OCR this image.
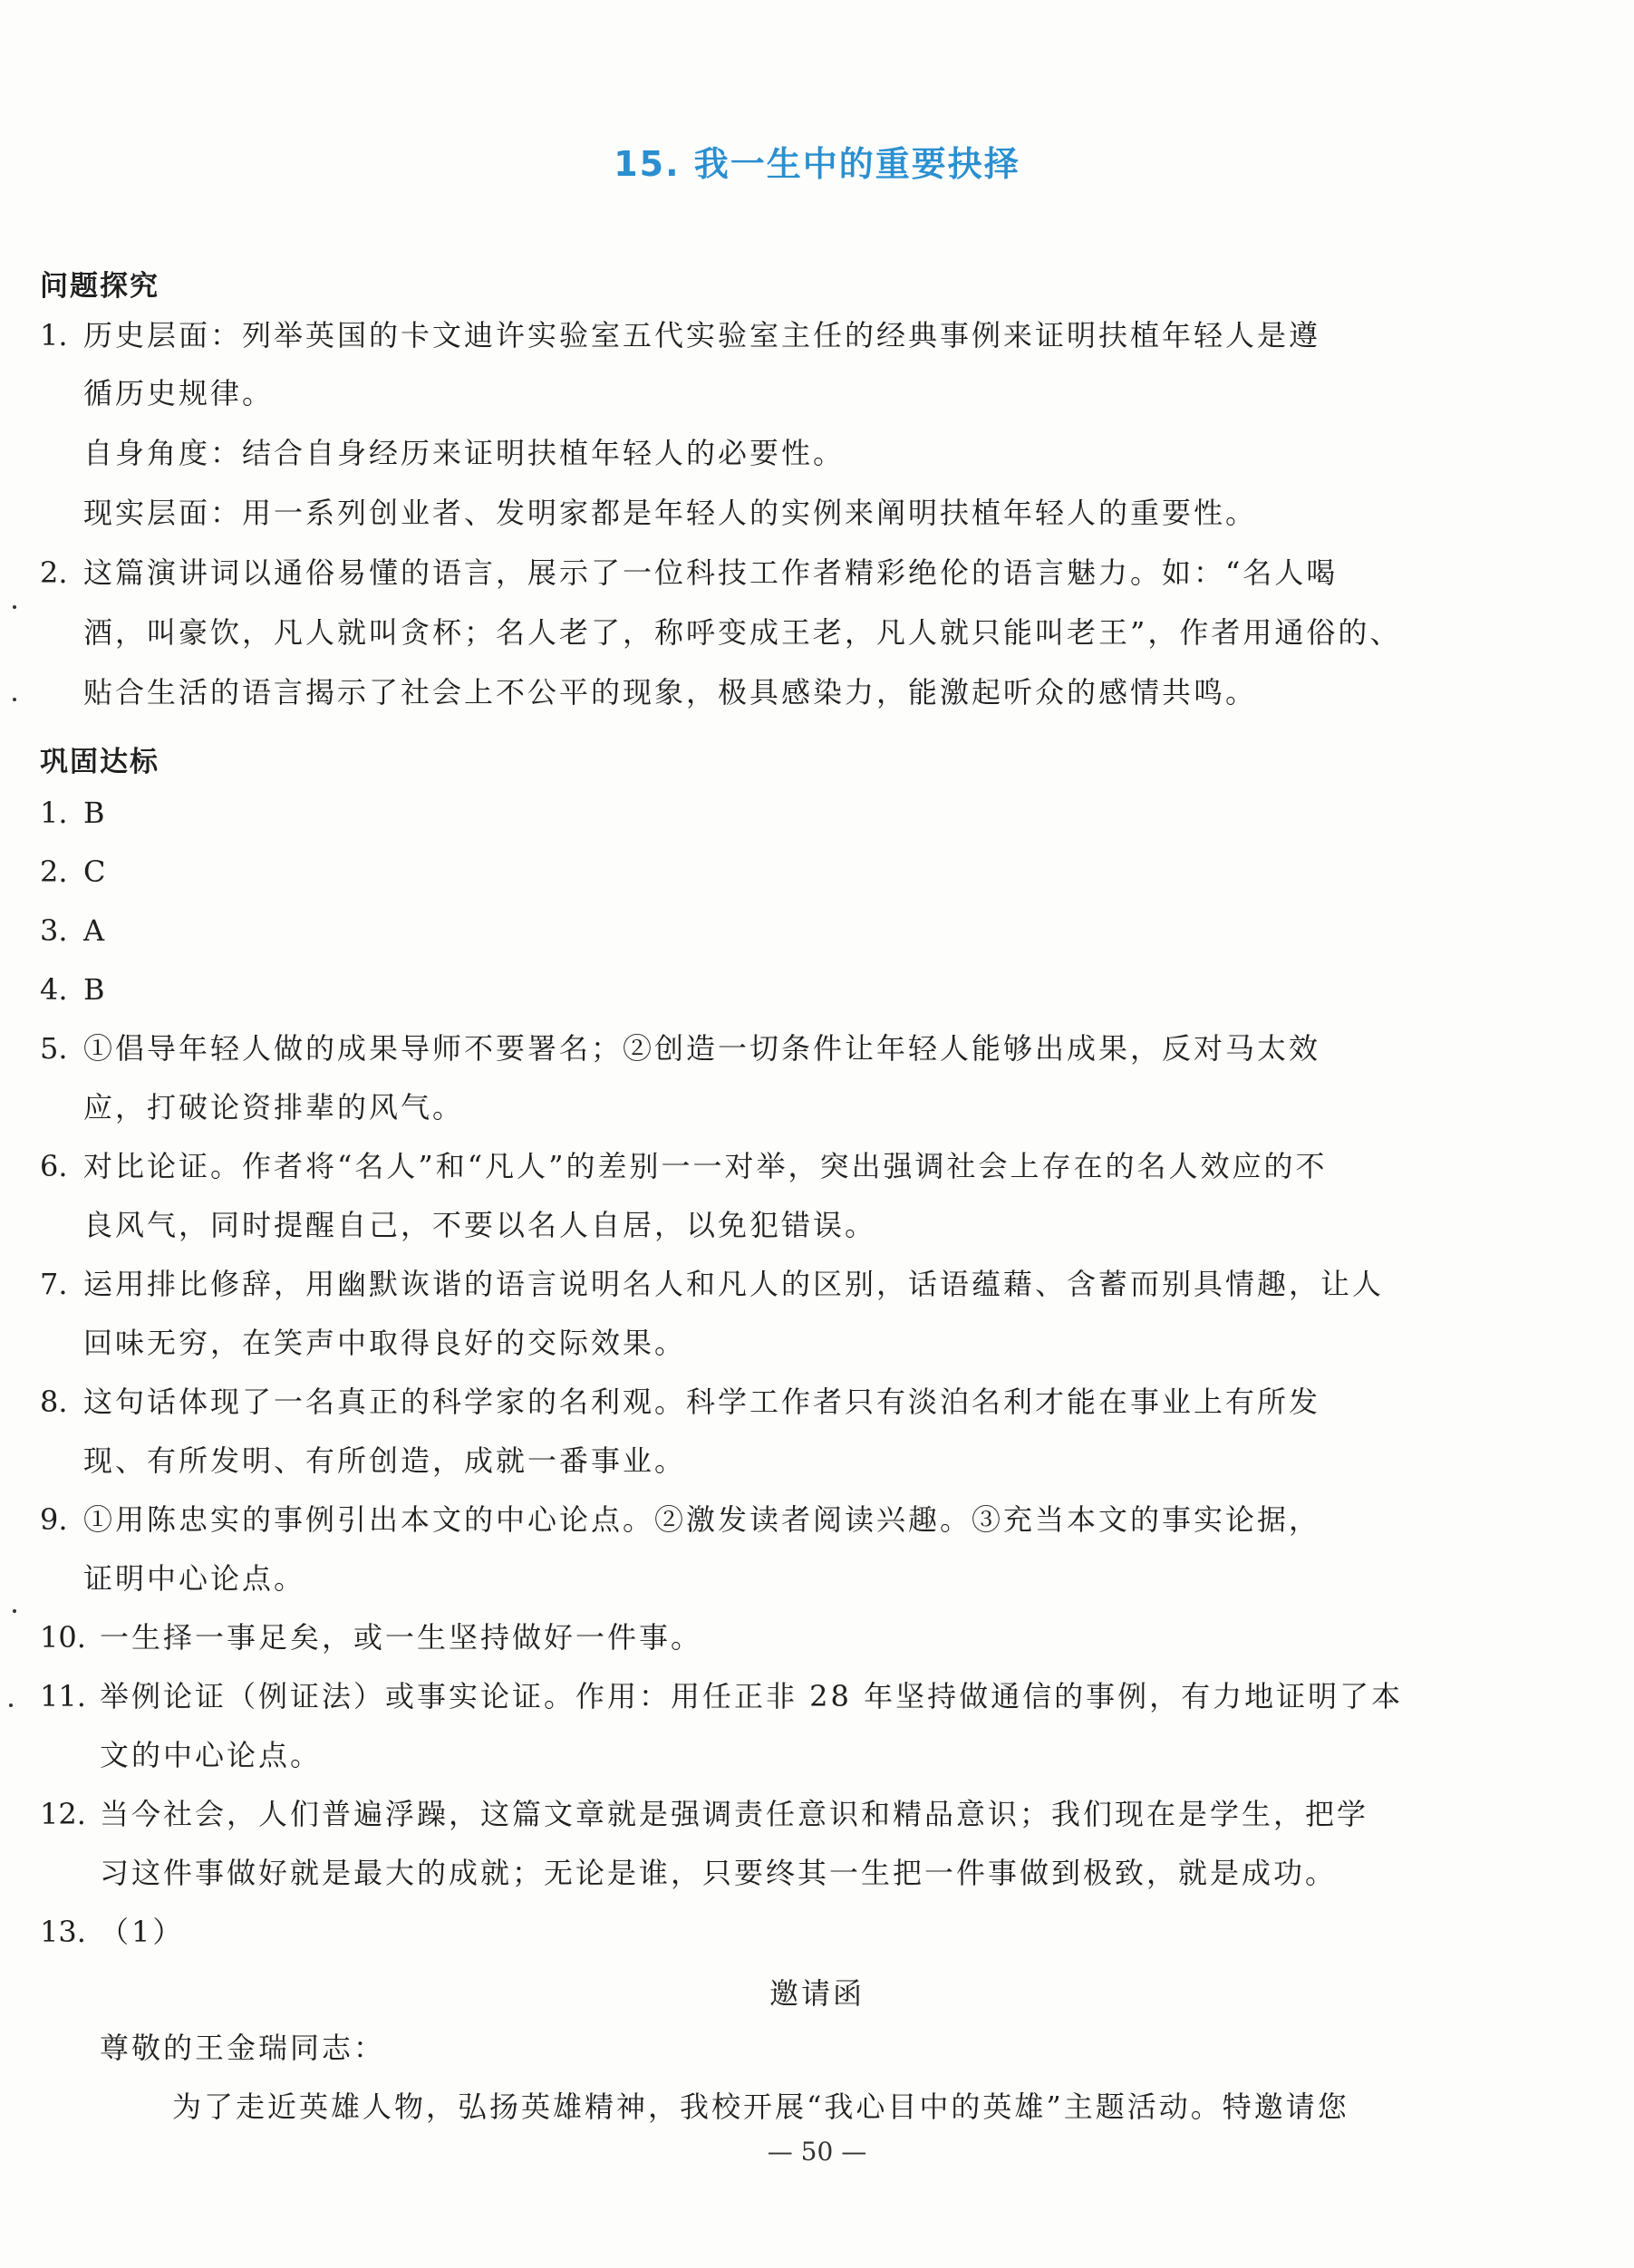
15. 我一生中的重要抉择
问题探究
1. 历史层面：列举英国的卡文迪许实验室五代实验室主任的经典事例来证明扶植年轻人是遵
循历史规律。
自身角度：结合自身经历来证明扶植年轻人的必要性。
现实层面：用一系列创业者、发明家都是年轻人的实例来阐明扶植年轻人的重要性。
2. 这篇演讲词以通俗易懂的语言，展示了一位科技工作者精彩绝伦的语言魅力。如：“名人喝
酒，叫豪饮，凡人就叫贪杯；名人老了，称呼变成王老，凡人就只能叫老王”，作者用通俗的、
贴合生活的语言揭示了社会上不公平的现象，极具感染力，能激起听众的感情共鸣。
巩固达标
1. B
2. C
3. A
4. B
5. ①倡导年轻人做的成果导师不要署名；②创造一切条件让年轻人能够出成果，反对马太效
应，打破论资排辈的风气。
6. 对比论证。作者将“名人”和“凡人”的差别一一对举，突出强调社会上存在的名人效应的不
良风气，同时提醒自己，不要以名人自居，以免犯错误。
7. 运用排比修辞，用幽默诙谐的语言说明名人和凡人的区别，话语蕴藉、含蓄而别具情趣，让人
回味无穷，在笑声中取得良好的交际效果。
8. 这句话体现了一名真正的科学家的名利观。科学工作者只有淡泊名利才能在事业上有所发
现、有所发明、有所创造，成就一番事业。
9. ①用陈忠实的事例引出本文的中心论点。②激发读者阅读兴趣。③充当本文的事实论据，
证明中心论点。
10. 一生择一事足矣，或一生坚持做好一件事。
11. 举例论证（例证法）或事实论证。作用：用任正非 28 年坚持做通信的事例，有力地证明了本
文的中心论点。
12. 当今社会，人们普遍浮躁，这篇文章就是强调责任意识和精品意识；我们现在是学生，把学
习这件事做好就是最大的成就；无论是谁，只要终其一生把一件事做到极致，就是成功。
13. （1）
邀请函
尊敬的王金瑞同志：
为了走近英雄人物，弘扬英雄精神，我校开展“我心目中的英雄”主题活动。特邀请您
— 50 —
